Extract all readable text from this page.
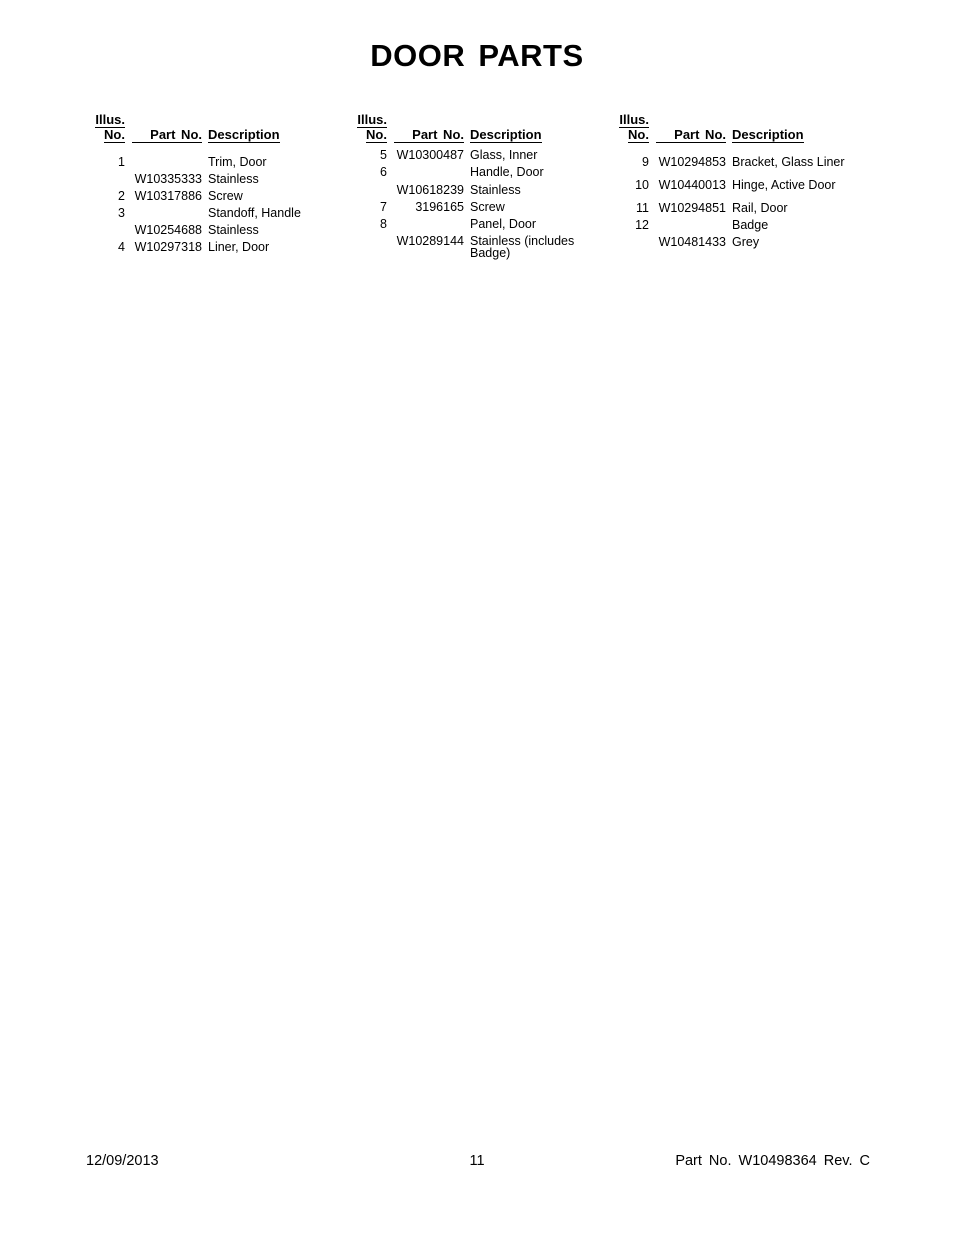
DOOR PARTS
Illus.
No.	Part No. Description
1	Trim, Door
W10335333 Stainless
2 W10317886 Screw
3	Standoff, Handle
W10254688 Stainless
4 W10297318 Liner, Door
Illus.
No.	Part No. Description
5 W10300487 Glass, Inner
6	Handle, Door
W10618239 Stainless
7	3196165 Screw
8	Panel, Door
W10289144 Stainless (includes Badge)
Illus.
No.	Part No. Description
9 W10294853 Bracket, Glass Liner
10 W10440013 Hinge, Active Door
11 W10294851 Rail, Door
12	Badge
W10481433 Grey
12/09/2013	11	Part No. W10498364 Rev. C
